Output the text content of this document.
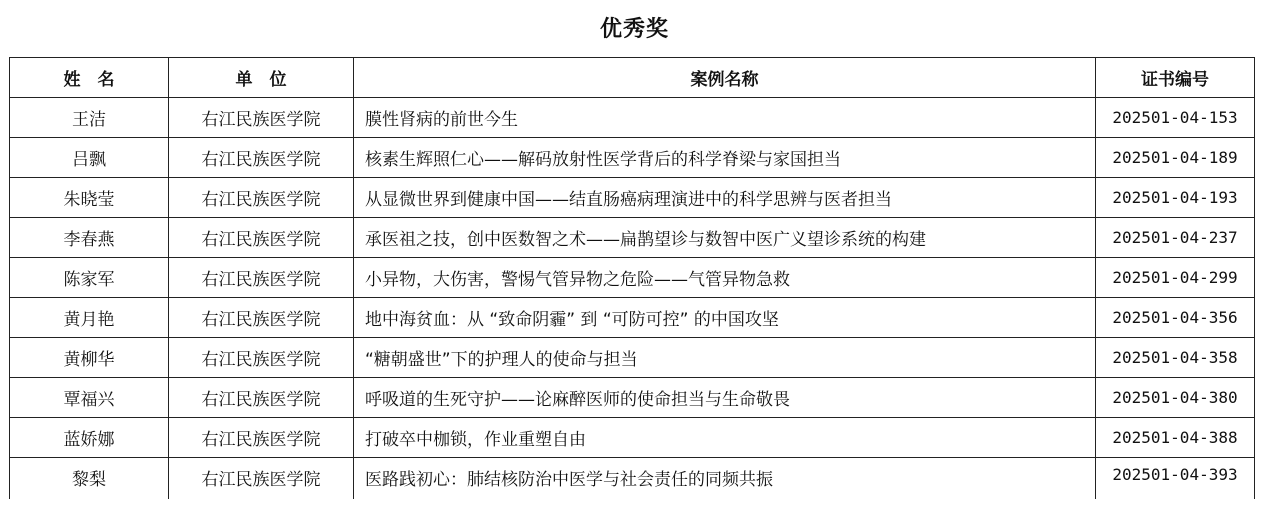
优秀奖
姓　名	单　位	案例名称	证书编号
王洁	右江民族医学院	膜性肾病的前世今生	202501-04-153
吕飘	右江民族医学院	核素生辉照仁心——解码放射性医学背后的科学脊梁与家国担当	202501-04-189
朱晓莹	右江民族医学院	从显微世界到健康中国——结直肠癌病理演进中的科学思辨与医者担当	202501-04-193
李春燕	右江民族医学院	承医祖之技，创中医数智之术——扁鹊望诊与数智中医广义望诊系统的构建	202501-04-237
陈家军	右江民族医学院	小异物，大伤害，警惕气管异物之危险——气管异物急救	202501-04-299
黄月艳	右江民族医学院	地中海贫血：从 “致命阴霾” 到 “可防可控” 的中国攻坚	202501-04-356
黄柳华	右江民族医学院	“糖朝盛世”下的护理人的使命与担当	202501-04-358
覃福兴	右江民族医学院	呼吸道的生死守护——论麻醉医师的使命担当与生命敬畏	202501-04-380
蓝娇娜	右江民族医学院	打破卒中枷锁，作业重塑自由	202501-04-388
黎梨	右江民族医学院	医路践初心：肺结核防治中医学与社会责任的同频共振	202501-04-393
